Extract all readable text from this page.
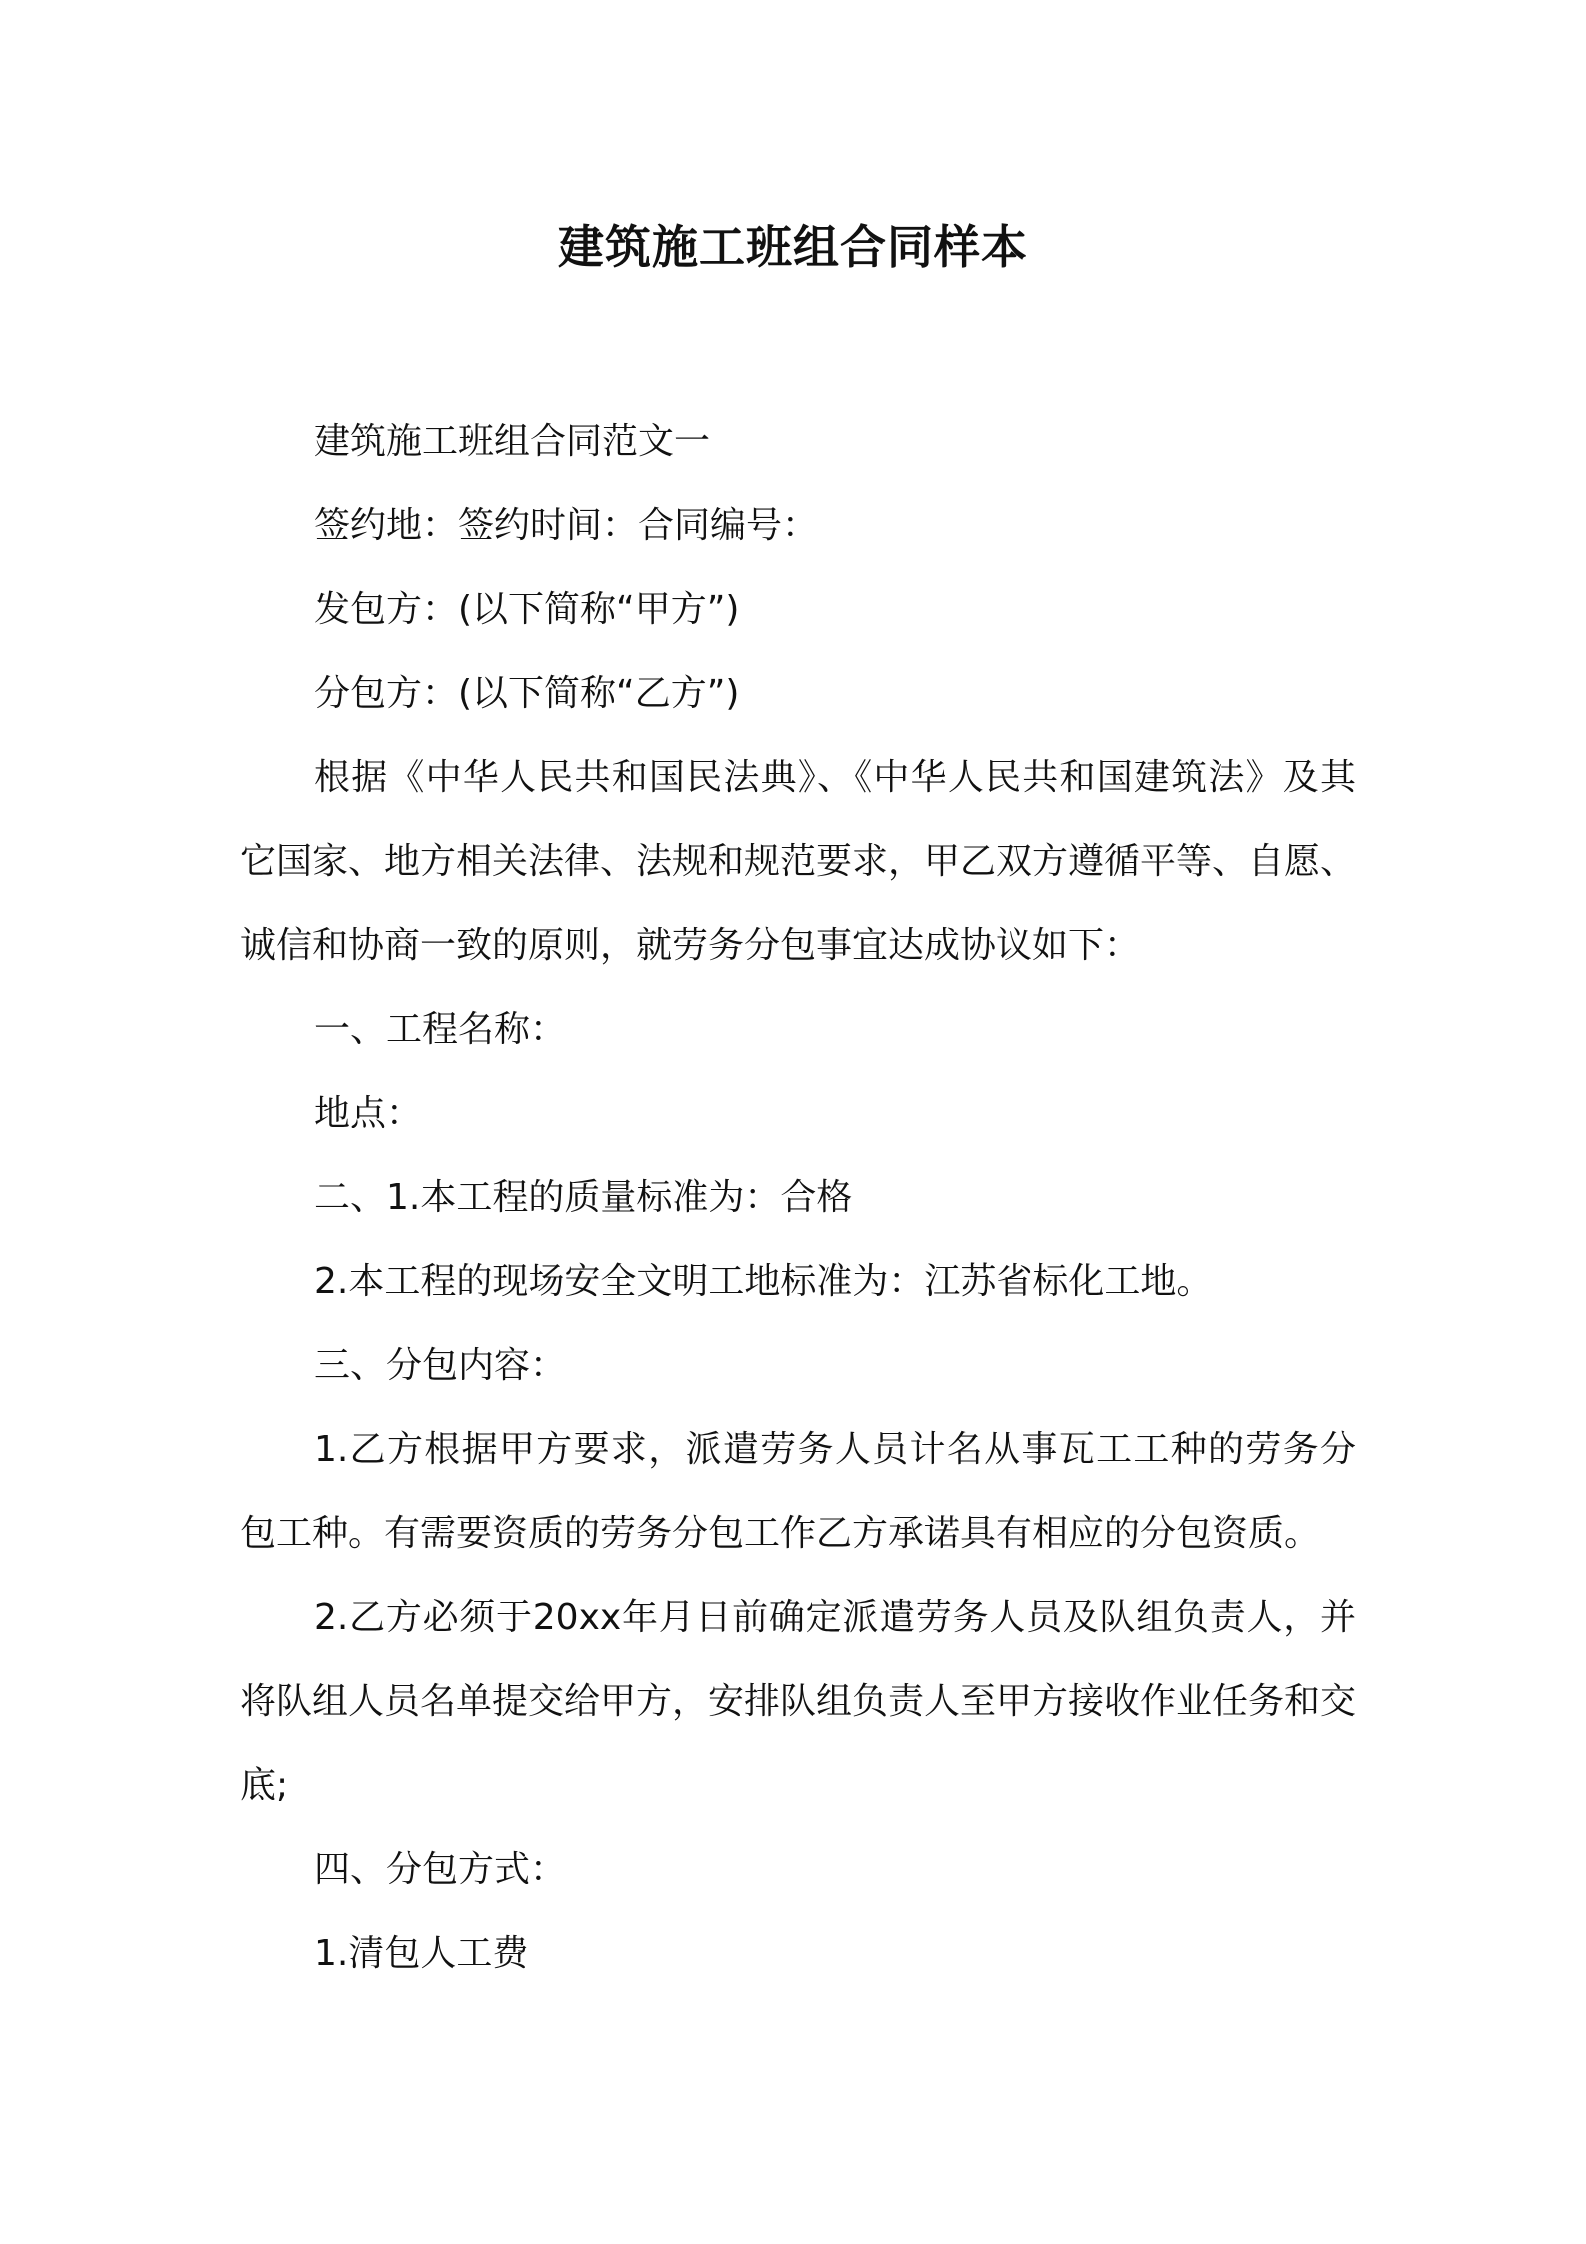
建筑施工班组合同样本

建筑施工班组合同范文一

签约地：签约时间：合同编号：

发包方：(以下简称“甲方”)

分包方：(以下简称“乙方”)

根据《中华人民共和国民法典》、《中华人民共和国建筑法》及其它国家、地方相关法律、法规和规范要求，甲乙双方遵循平等、自愿、诚信和协商一致的原则，就劳务分包事宜达成协议如下：

一、工程名称：

地点：

二、1.本工程的质量标准为：合格

2.本工程的现场安全文明工地标准为：江苏省标化工地。

三、分包内容：

1.乙方根据甲方要求，派遣劳务人员计名从事瓦工工种的劳务分包工种。有需要资质的劳务分包工作乙方承诺具有相应的分包资质。

2.乙方必须于20xx年月日前确定派遣劳务人员及队组负责人，并将队组人员名单提交给甲方，安排队组负责人至甲方接收作业任务和交底;

四、分包方式：

1.清包人工费
